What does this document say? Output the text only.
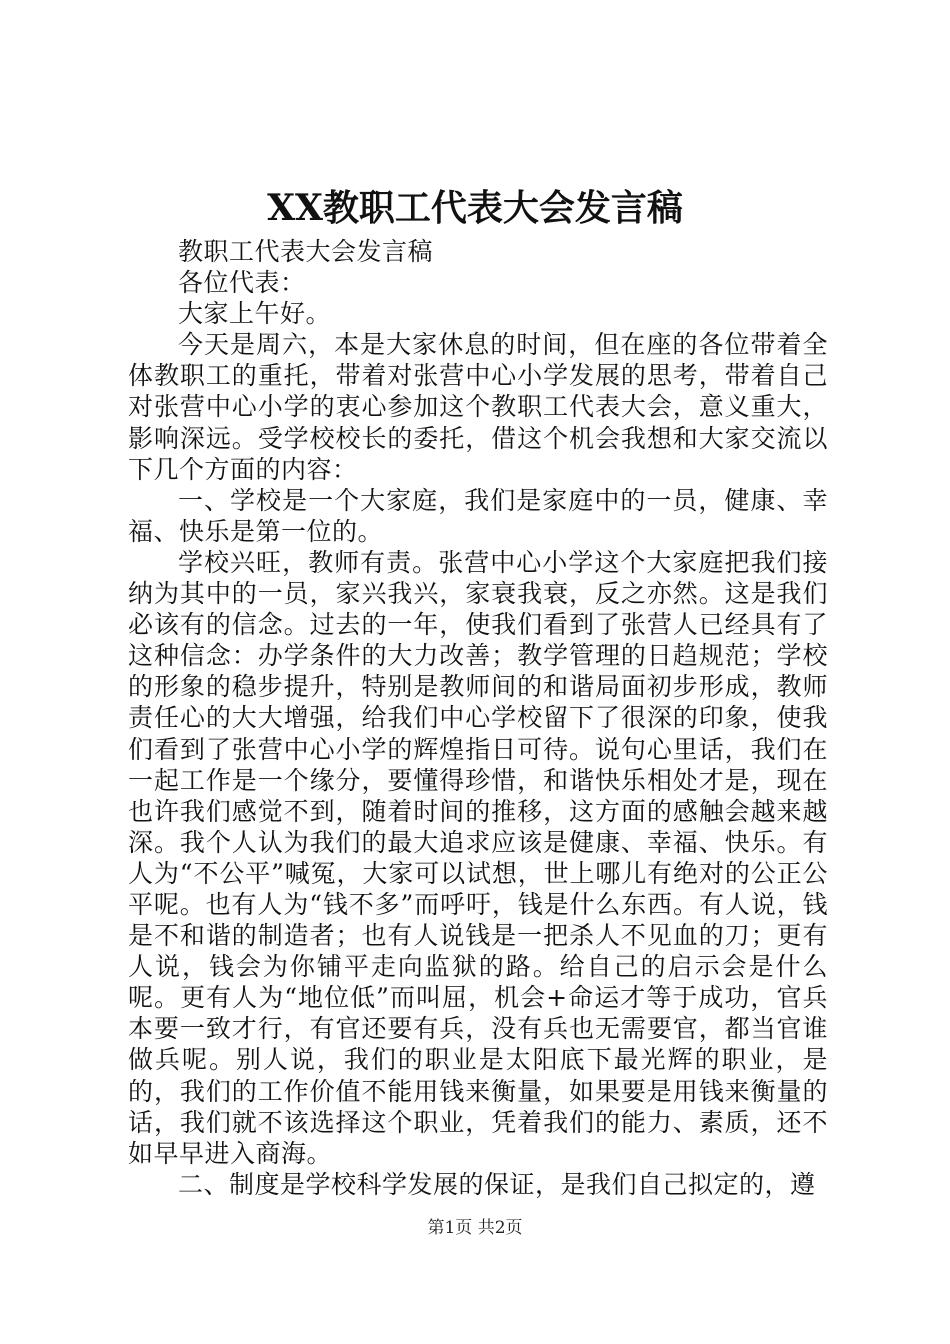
XX教职工代表大会发言稿

教职工代表大会发言稿

各位代表：

大家上午好。

今天是周六，本是大家休息的时间，但在座的各位带着全体教职工的重托，带着对张营中心小学发展的思考，带着自己对张营中心小学的衷心参加这个教职工代表大会，意义重大，影响深远。受学校校长的委托，借这个机会我想和大家交流以下几个方面的内容：

一、学校是一个大家庭，我们是家庭中的一员，健康、幸福、快乐是第一位的。

学校兴旺，教师有责。张营中心小学这个大家庭把我们接纳为其中的一员，家兴我兴，家衰我衰，反之亦然。这是我们必该有的信念。过去的一年，使我们看到了张营人已经具有了这种信念：办学条件的大力改善；教学管理的日趋规范；学校的形象的稳步提升，特别是教师间的和谐局面初步形成，教师责任心的大大增强，给我们中心学校留下了很深的印象，使我们看到了张营中心小学的辉煌指日可待。说句心里话，我们在一起工作是一个缘分，要懂得珍惜，和谐快乐相处才是，现在也许我们感觉不到，随着时间的推移，这方面的感触会越来越深。我个人认为我们的最大追求应该是健康、幸福、快乐。有人为“不公平”喊冤，大家可以试想，世上哪儿有绝对的公正公平呢。也有人为“钱不多”而呼吁，钱是什么东西。有人说，钱是不和谐的制造者；也有人说钱是一把杀人不见血的刀；更有人说，钱会为你铺平走向监狱的路。给自己的启示会是什么呢。更有人为“地位低”而叫屈，机会+命运才等于成功，官兵本要一致才行，有官还要有兵，没有兵也无需要官，都当官谁做兵呢。别人说，我们的职业是太阳底下最光辉的职业，是的，我们的工作价值不能用钱来衡量，如果要是用钱来衡量的话，我们就不该选择这个职业，凭着我们的能力、素质，还不如早早进入商海。

二、制度是学校科学发展的保证，是我们自己拟定的，遵

第1页 共2页
